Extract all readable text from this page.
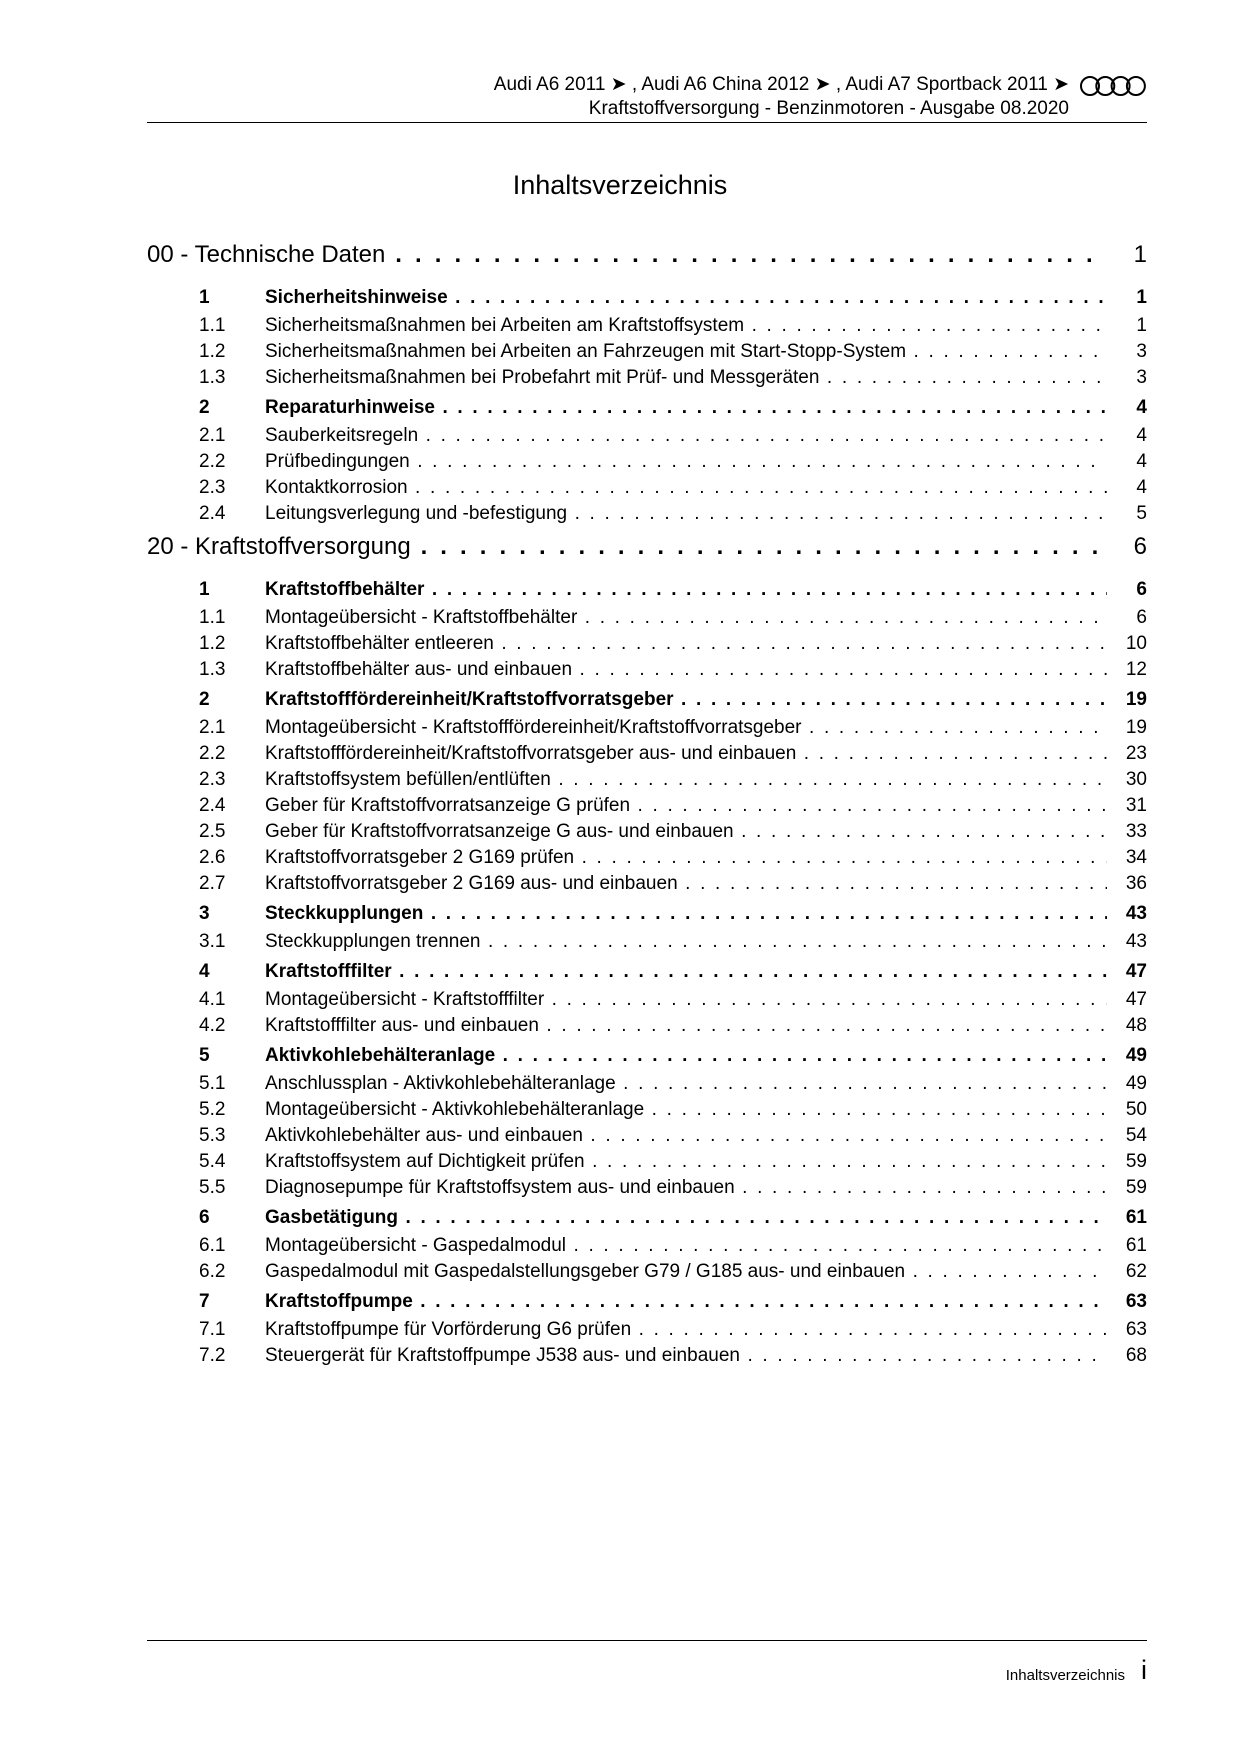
Audi A6 2011 ➤ , Audi A6 China 2012 ➤ , Audi A7 Sportback 2011 ➤
Kraftstoffversorgung - Benzinmotoren - Ausgabe 08.2020
Inhaltsverzeichnis
00 - Technische Daten . . .	1
1	Sicherheitshinweise . . .	1
1.1 Sicherheitsmaßnahmen bei Arbeiten am Kraftstoffsystem . . .	1
1.2 Sicherheitsmaßnahmen bei Arbeiten an Fahrzeugen mit Start-Stopp-System . . .	3
1.3 Sicherheitsmaßnahmen bei Probefahrt mit Prüf- und Messgeräten . . .	3
2	Reparaturhinweise . . .	4
2.1 Sauberkeitsregeln . . .	4
2.2 Prüfbedingungen . . .	4
2.3 Kontaktkorrosion . . .	4
2.4 Leitungsverlegung und -befestigung . . .	5
20 - Kraftstoffversorgung . . .	6
1	Kraftstoffbehälter . . .	6
1.1 Montageübersicht - Kraftstoffbehälter . . .	6
1.2 Kraftstoffbehälter entleeren . . .	10
1.3 Kraftstoffbehälter aus- und einbauen . . .	12
2	Kraftstofffördereinheit/Kraftstoffvorratsgeber . . .	19
2.1 Montageübersicht - Kraftstofffördereinheit/Kraftstoffvorratsgeber . . .	19
2.2 Kraftstofffördereinheit/Kraftstoffvorratsgeber aus- und einbauen . . .	23
2.3 Kraftstoffsystem befüllen/entlüften . . .	30
2.4 Geber für Kraftstoffvorratsanzeige G prüfen . . .	31
2.5 Geber für Kraftstoffvorratsanzeige G aus- und einbauen . . .	33
2.6 Kraftstoffvorratsgeber 2 G169 prüfen . . .	34
2.7 Kraftstoffvorratsgeber 2 G169 aus- und einbauen . . .	36
3	Steckkupplungen . . .	43
3.1 Steckkupplungen trennen . . .	43
4	Kraftstofffilter . . .	47
4.1 Montageübersicht - Kraftstofffilter . . .	47
4.2 Kraftstofffilter aus- und einbauen . . .	48
5	Aktivkohlebehälteranlage . . .	49
5.1 Anschlussplan - Aktivkohlebehälteranlage . . .	49
5.2 Montageübersicht - Aktivkohlebehälteranlage . . .	50
5.3 Aktivkohlebehälter aus- und einbauen . . .	54
5.4 Kraftstoffsystem auf Dichtigkeit prüfen . . .	59
5.5 Diagnosepumpe für Kraftstoffsystem aus- und einbauen . . .	59
6	Gasbetätigung . . .	61
6.1 Montageübersicht - Gaspedalmodul . . .	61
6.2 Gaspedalmodul mit Gaspedalstellungsgeber G79 / G185 aus- und einbauen . . .	62
7	Kraftstoffpumpe . . .	63
7.1 Kraftstoffpumpe für Vorförderung G6 prüfen . . .	63
7.2 Steuergerät für Kraftstoffpumpe J538 aus- und einbauen . . .	68
Inhaltsverzeichnis i
